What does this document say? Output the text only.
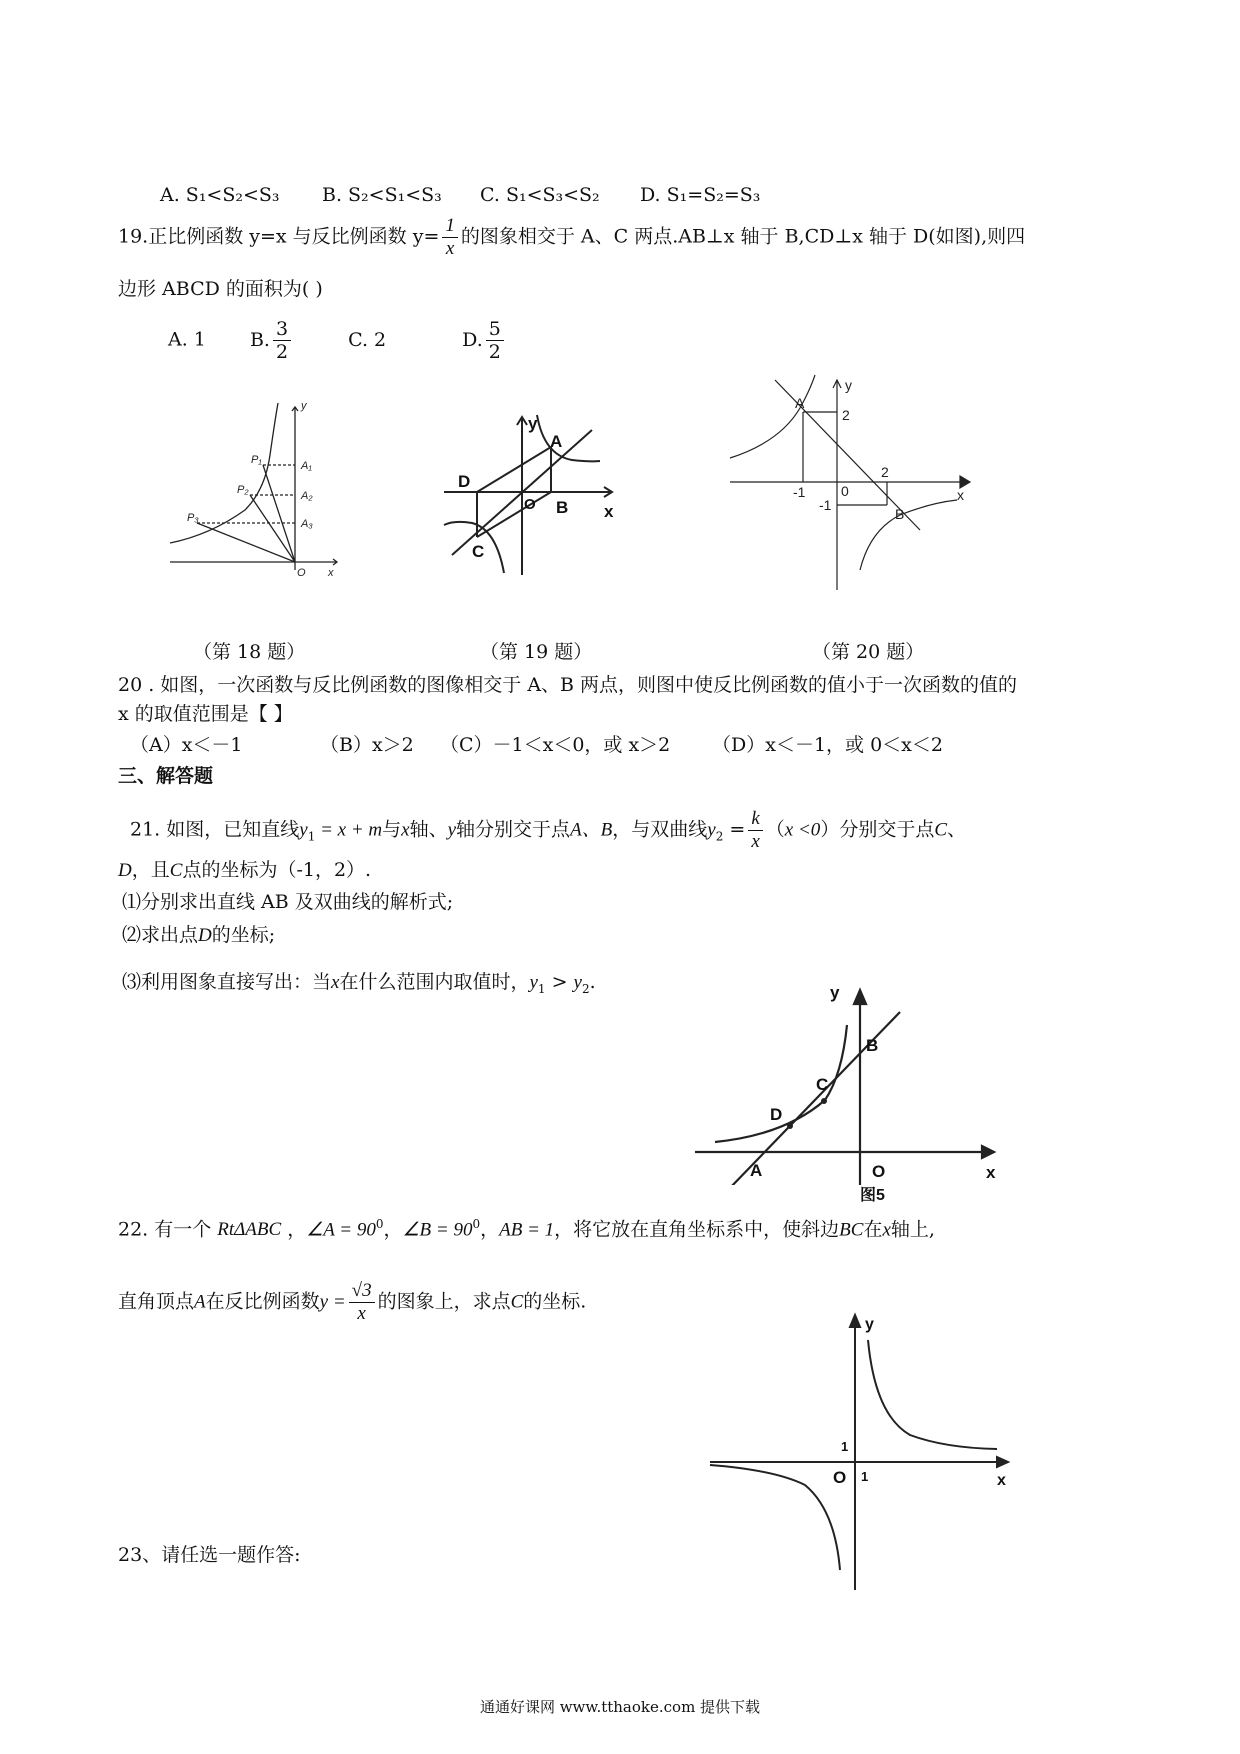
A. S₁<S₂<S₃ B. S₂<S₁<S₃ C. S₁<S₃<S₂ D. S₁=S₂=S₃
19.正比例函数 y=x 与反比例函数 $y= \frac{1}{x}$ 的图象相交于 A、C 两点.AB⊥x 轴于 B,CD⊥x 轴于 D(如图),则四
边形 ABCD 的面积为( )
A. 1 B. $\frac{3}{2}$	C. 2	D. $\frac{5}{2}$
y
x
O
P₁
P₂
P₃
A₁
A₂
A₃
y
x
O
A
B
C
D
y
x
0
A
B
2
-1
2
-1
（第 18 题）	（第 19 题）	（第 20 题）
20 . 如图，一次函数与反比例函数的图像相交于 A、B 两点，则图中使反比例函数的值小于一次函数的值的
x 的取值范围是【 】
（A）x＜－1	（B）x＞2 （C）－1＜x＜0，或 x＞2 （D）x＜－1，或 0＜x＜2
三、解答题
21. 如图，已知直线$y_1 = x + m$与x轴、y轴分别交于点A、B，与双曲线$y_2 = \frac{k}{x} (x <0)$分别交于点C、
D，且C点的坐标为（-1，2）.
⑴分别求出直线 AB 及双曲线的解析式;
⑵求出点D的坐标;
⑶利用图象直接写出：当x在什么范围内取值时，$y_1 > y_2$.	y
x
O
A
B
C
D
图5
22. 有一个 RtΔABC ，∠A = $90^0$，∠B = $90^0$，AB = 1，将它放在直角坐标系中，使斜边BC在x轴上,
直角顶点A在反比例函数$y = \frac{√3}{x}$ 的图象上，求点C的坐标.
y
x
O 1
1
23、请任选一题作答:
通通好课网 www.tthaoke.com 提供下载
